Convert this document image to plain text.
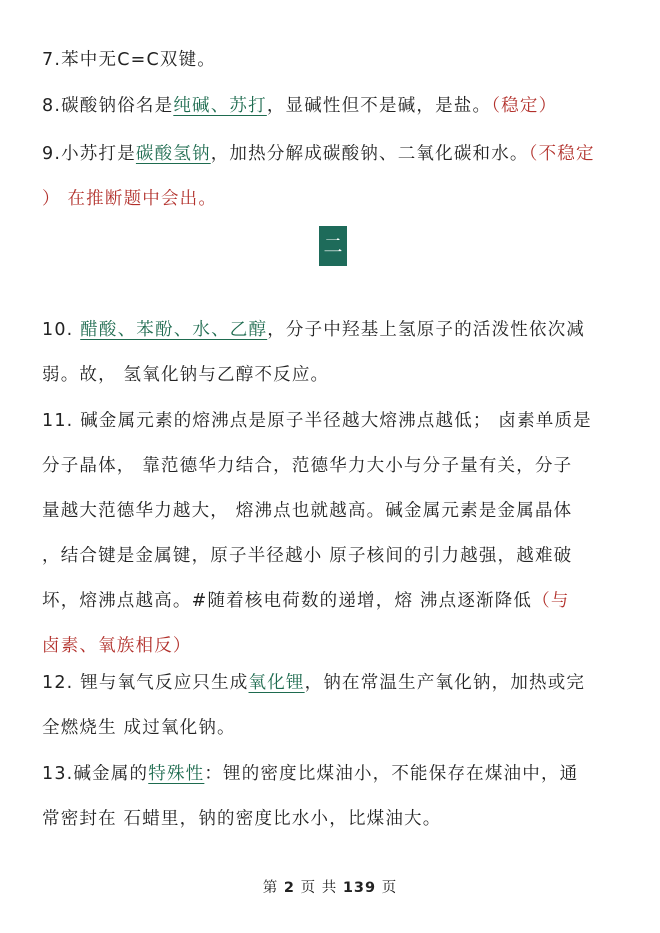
7.苯中无C=C双键。

8.碳酸钠俗名是纯碱、苏打，显碱性但不是碱，是盐。（稳定）

9.小苏打是碳酸氢钠，加热分解成碳酸钠、二氧化碳和水。（不稳定
） 在推断题中会出。

二

10. 醋酸、苯酚、水、乙醇，分子中羟基上氢原子的活泼性依次减
弱。故， 氢氧化钠与乙醇不反应。

11. 碱金属元素的熔沸点是原子半径越大熔沸点越低； 卤素单质是
分子晶体， 靠范德华力结合，范德华力大小与分子量有关，分子
量越大范德华力越大， 熔沸点也就越高。碱金属元素是金属晶体
，结合键是金属键，原子半径越小 原子核间的引力越强，越难破
坏，熔沸点越高。#随着核电荷数的递增，熔 沸点逐渐降低（与
卤素、氧族相反）

12. 锂与氧气反应只生成氧化锂，钠在常温生产氧化钠，加热或完
全燃烧生 成过氧化钠。

13.碱金属的特殊性：锂的密度比煤油小，不能保存在煤油中，通
常密封在 石蜡里，钠的密度比水小，比煤油大。

第 2 页 共 139 页
